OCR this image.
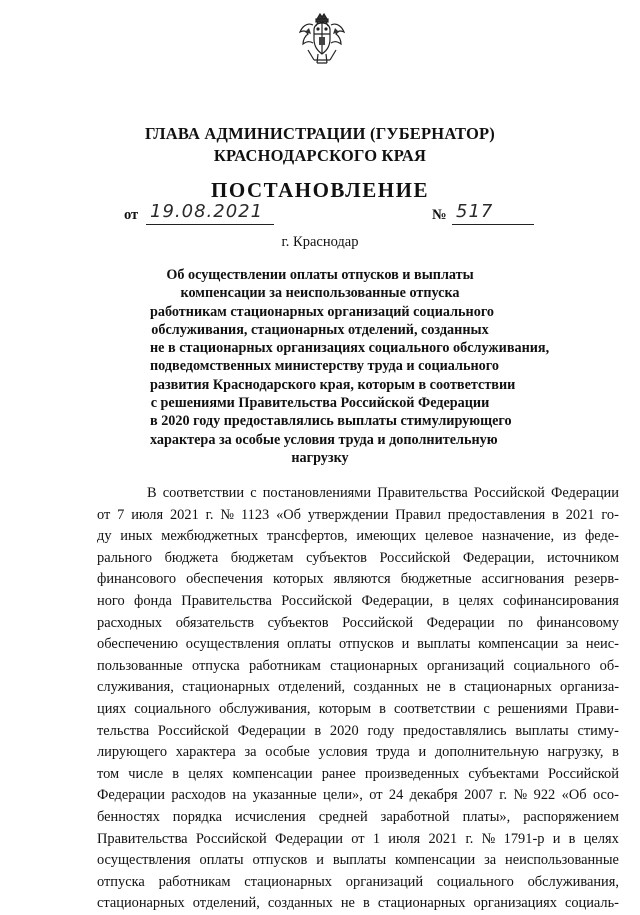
ГЛАВА АДМИНИСТРАЦИИ (ГУБЕРНАТОР)
КРАСНОДАРСКОГО КРАЯ
ПОСТАНОВЛЕНИЕ
от 19.08.2021	№ 517
г. Краснодар
Об осуществлении оплаты отпусков и выплаты
компенсации за неиспользованные отпуска
работникам стационарных организаций социального
обслуживания, стационарных отделений, созданных
не в стационарных организациях социального обслуживания,
подведомственных министерству труда и социального
развития Краснодарского края, которым в соответствии
с решениями Правительства Российской Федерации
в 2020 году предоставлялись выплаты стимулирующего
характера за особые условия труда и дополнительную
нагрузку
В соответствии с постановлениями Правительства Российской Федерации
от 7 июля 2021 г. № 1123 «Об утверждении Правил предоставления в 2021 го-
ду иных межбюджетных трансфертов, имеющих целевое назначение, из феде-
рального бюджета бюджетам субъектов Российской Федерации, источником
финансового обеспечения которых являются бюджетные ассигнования резерв-
ного фонда Правительства Российской Федерации, в целях софинансирования
расходных обязательств субъектов Российской Федерации по финансовому
обеспечению осуществления оплаты отпусков и выплаты компенсации за неис-
пользованные отпуска работникам стационарных организаций социального об-
служивания, стационарных отделений, созданных не в стационарных организа-
циях социального обслуживания, которым в соответствии с решениями Прави-
тельства Российской Федерации в 2020 году предоставлялись выплаты стиму-
лирующего характера за особые условия труда и дополнительную нагрузку, в
том числе в целях компенсации ранее произведенных субъектами Российской
Федерации расходов на указанные цели», от 24 декабря 2007 г. № 922 «Об осо-
бенностях порядка исчисления средней заработной платы», распоряжением
Правительства Российской Федерации от 1 июля 2021 г. № 1791-р и в целях
осуществления оплаты отпусков и выплаты компенсации за неиспользованные
отпуска работникам стационарных организаций социального обслуживания,
стационарных отделений, созданных не в стационарных организациях социаль-
